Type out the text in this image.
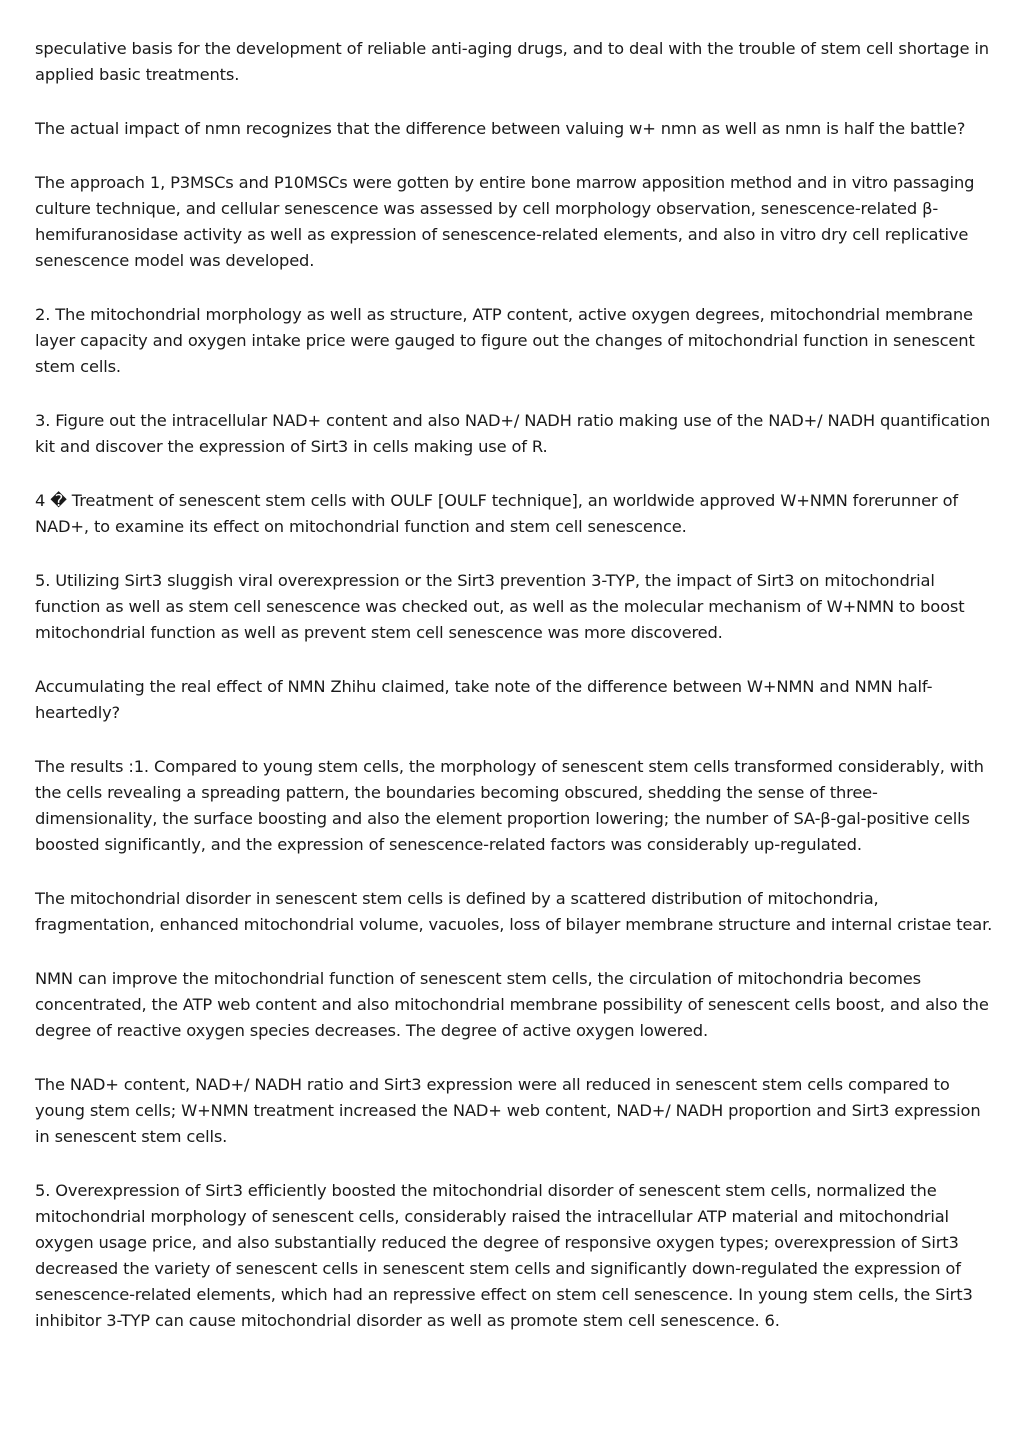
speculative basis for the development of reliable anti-aging drugs, and to deal with the trouble of stem cell shortage in applied basic treatments.

The actual impact of nmn recognizes that the difference between valuing w+ nmn as well as nmn is half the battle?

The approach 1, P3MSCs and P10MSCs were gotten by entire bone marrow apposition method and in vitro passaging culture technique, and cellular senescence was assessed by cell morphology observation, senescence-related β-hemifuranosidase activity as well as expression of senescence-related elements, and also in vitro dry cell replicative senescence model was developed.

2. The mitochondrial morphology as well as structure, ATP content, active oxygen degrees, mitochondrial membrane layer capacity and oxygen intake price were gauged to figure out the changes of mitochondrial function in senescent stem cells.

3. Figure out the intracellular NAD+ content and also NAD+/ NADH ratio making use of the NAD+/ NADH quantification kit and discover the expression of Sirt3 in cells making use of R.

4 � Treatment of senescent stem cells with OULF [OULF technique], an worldwide approved W+NMN forerunner of NAD+, to examine its effect on mitochondrial function and stem cell senescence.

5. Utilizing Sirt3 sluggish viral overexpression or the Sirt3 prevention 3-TYP, the impact of Sirt3 on mitochondrial function as well as stem cell senescence was checked out, as well as the molecular mechanism of W+NMN to boost mitochondrial function as well as prevent stem cell senescence was more discovered.

Accumulating the real effect of NMN Zhihu claimed, take note of the difference between W+NMN and NMN half-heartedly?

The results :1. Compared to young stem cells, the morphology of senescent stem cells transformed considerably, with the cells revealing a spreading pattern, the boundaries becoming obscured, shedding the sense of three-dimensionality, the surface boosting and also the element proportion lowering; the number of SA-β-gal-positive cells boosted significantly, and the expression of senescence-related factors was considerably up-regulated.

The mitochondrial disorder in senescent stem cells is defined by a scattered distribution of mitochondria, fragmentation, enhanced mitochondrial volume, vacuoles, loss of bilayer membrane structure and internal cristae tear.

NMN can improve the mitochondrial function of senescent stem cells, the circulation of mitochondria becomes concentrated, the ATP web content and also mitochondrial membrane possibility of senescent cells boost, and also the degree of reactive oxygen species decreases. The degree of active oxygen lowered.

The NAD+ content, NAD+/ NADH ratio and Sirt3 expression were all reduced in senescent stem cells compared to young stem cells; W+NMN treatment increased the NAD+ web content, NAD+/ NADH proportion and Sirt3 expression in senescent stem cells.

5. Overexpression of Sirt3 efficiently boosted the mitochondrial disorder of senescent stem cells, normalized the mitochondrial morphology of senescent cells, considerably raised the intracellular ATP material and mitochondrial oxygen usage price, and also substantially reduced the degree of responsive oxygen types; overexpression of Sirt3 decreased the variety of senescent cells in senescent stem cells and significantly down-regulated the expression of senescence-related elements, which had an repressive effect on stem cell senescence. In young stem cells, the Sirt3 inhibitor 3-TYP can cause mitochondrial disorder as well as promote stem cell senescence. 6.
